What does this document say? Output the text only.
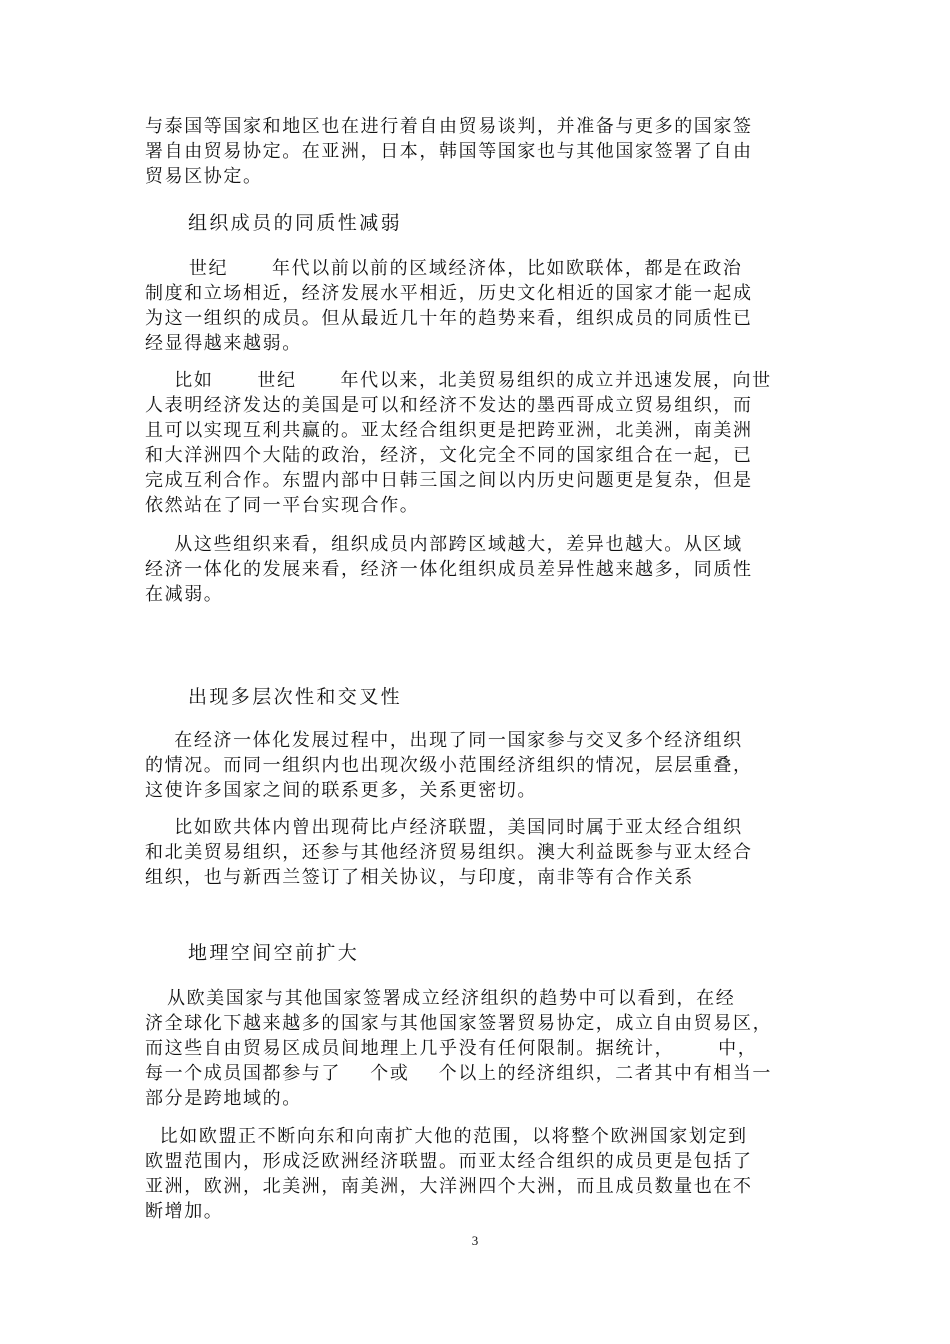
与泰国等国家和地区也在进行着自由贸易谈判，并准备与更多的国家签
署自由贸易协定。在亚洲，日本，韩国等国家也与其他国家签署了自由
贸易区协定。
组织成员的同质性减弱
世纪      年代以前以前的区域经济体，比如欧联体，都是在政治
制度和立场相近，经济发展水平相近，历史文化相近的国家才能一起成
为这一组织的成员。但从最近几十年的趋势来看，组织成员的同质性已
经显得越来越弱。
比如      世纪      年代以来，北美贸易组织的成立并迅速发展，向世
人表明经济发达的美国是可以和经济不发达的墨西哥成立贸易组织，而
且可以实现互利共赢的。亚太经合组织更是把跨亚洲，北美洲，南美洲
和大洋洲四个大陆的政治，经济，文化完全不同的国家组合在一起，已
完成互利合作。东盟内部中日韩三国之间以内历史问题更是复杂，但是
依然站在了同一平台实现合作。
从这些组织来看，组织成员内部跨区域越大，差异也越大。从区域
经济一体化的发展来看，经济一体化组织成员差异性越来越多，同质性
在减弱。
出现多层次性和交叉性
在经济一体化发展过程中，出现了同一国家参与交叉多个经济组织
的情况。而同一组织内也出现次级小范围经济组织的情况，层层重叠，
这使许多国家之间的联系更多，关系更密切。
比如欧共体内曾出现荷比卢经济联盟，美国同时属于亚太经合组织
和北美贸易组织，还参与其他经济贸易组织。澳大利益既参与亚太经合
组织，也与新西兰签订了相关协议，与印度，南非等有合作关系
地理空间空前扩大
从欧美国家与其他国家签署成立经济组织的趋势中可以看到，在经
济全球化下越来越多的国家与其他国家签署贸易协定，成立自由贸易区，
而这些自由贸易区成员间地理上几乎没有任何限制。据统计，      中，
每一个成员国都参与了    个或    个以上的经济组织，二者其中有相当一
部分是跨地域的。
比如欧盟正不断向东和向南扩大他的范围，以将整个欧洲国家划定到
欧盟范围内，形成泛欧洲经济联盟。而亚太经合组织的成员更是包括了
亚洲，欧洲，北美洲，南美洲，大洋洲四个大洲，而且成员数量也在不
断增加。
3
